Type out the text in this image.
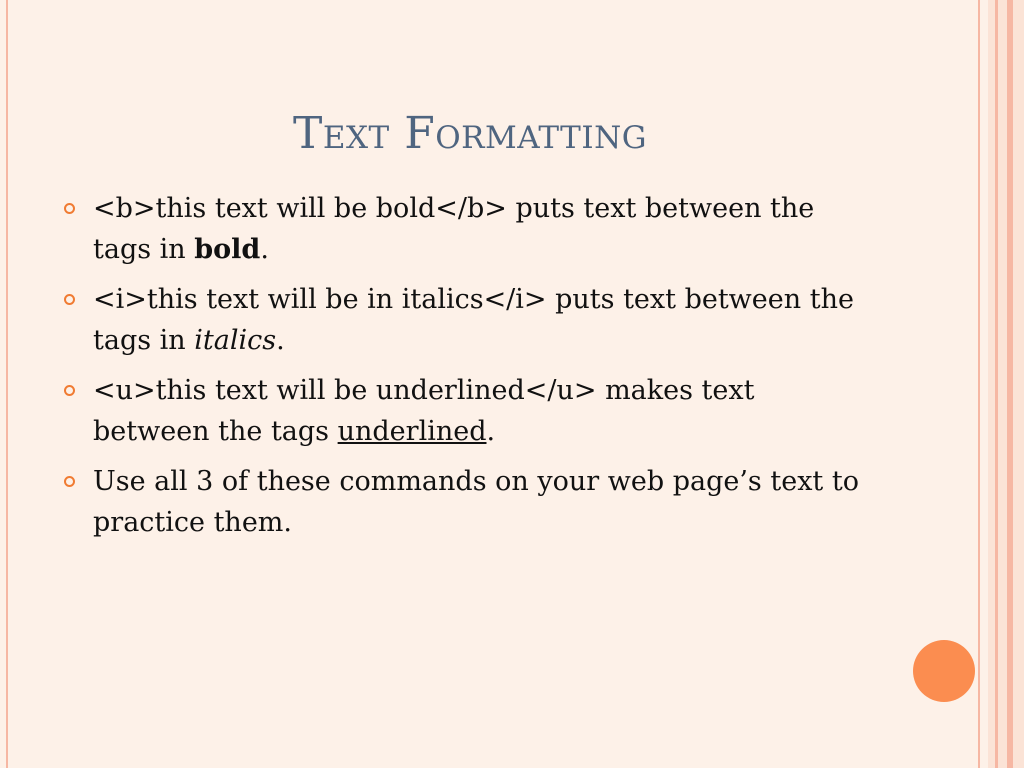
Text Formatting
<b>this text will be bold</b> puts text between the tags in bold.
<i>this text will be in italics</i> puts text between the tags in italics.
<u>this text will be underlined</u> makes text between the tags underlined.
Use all 3 of these commands on your web page’s text to practice them.
